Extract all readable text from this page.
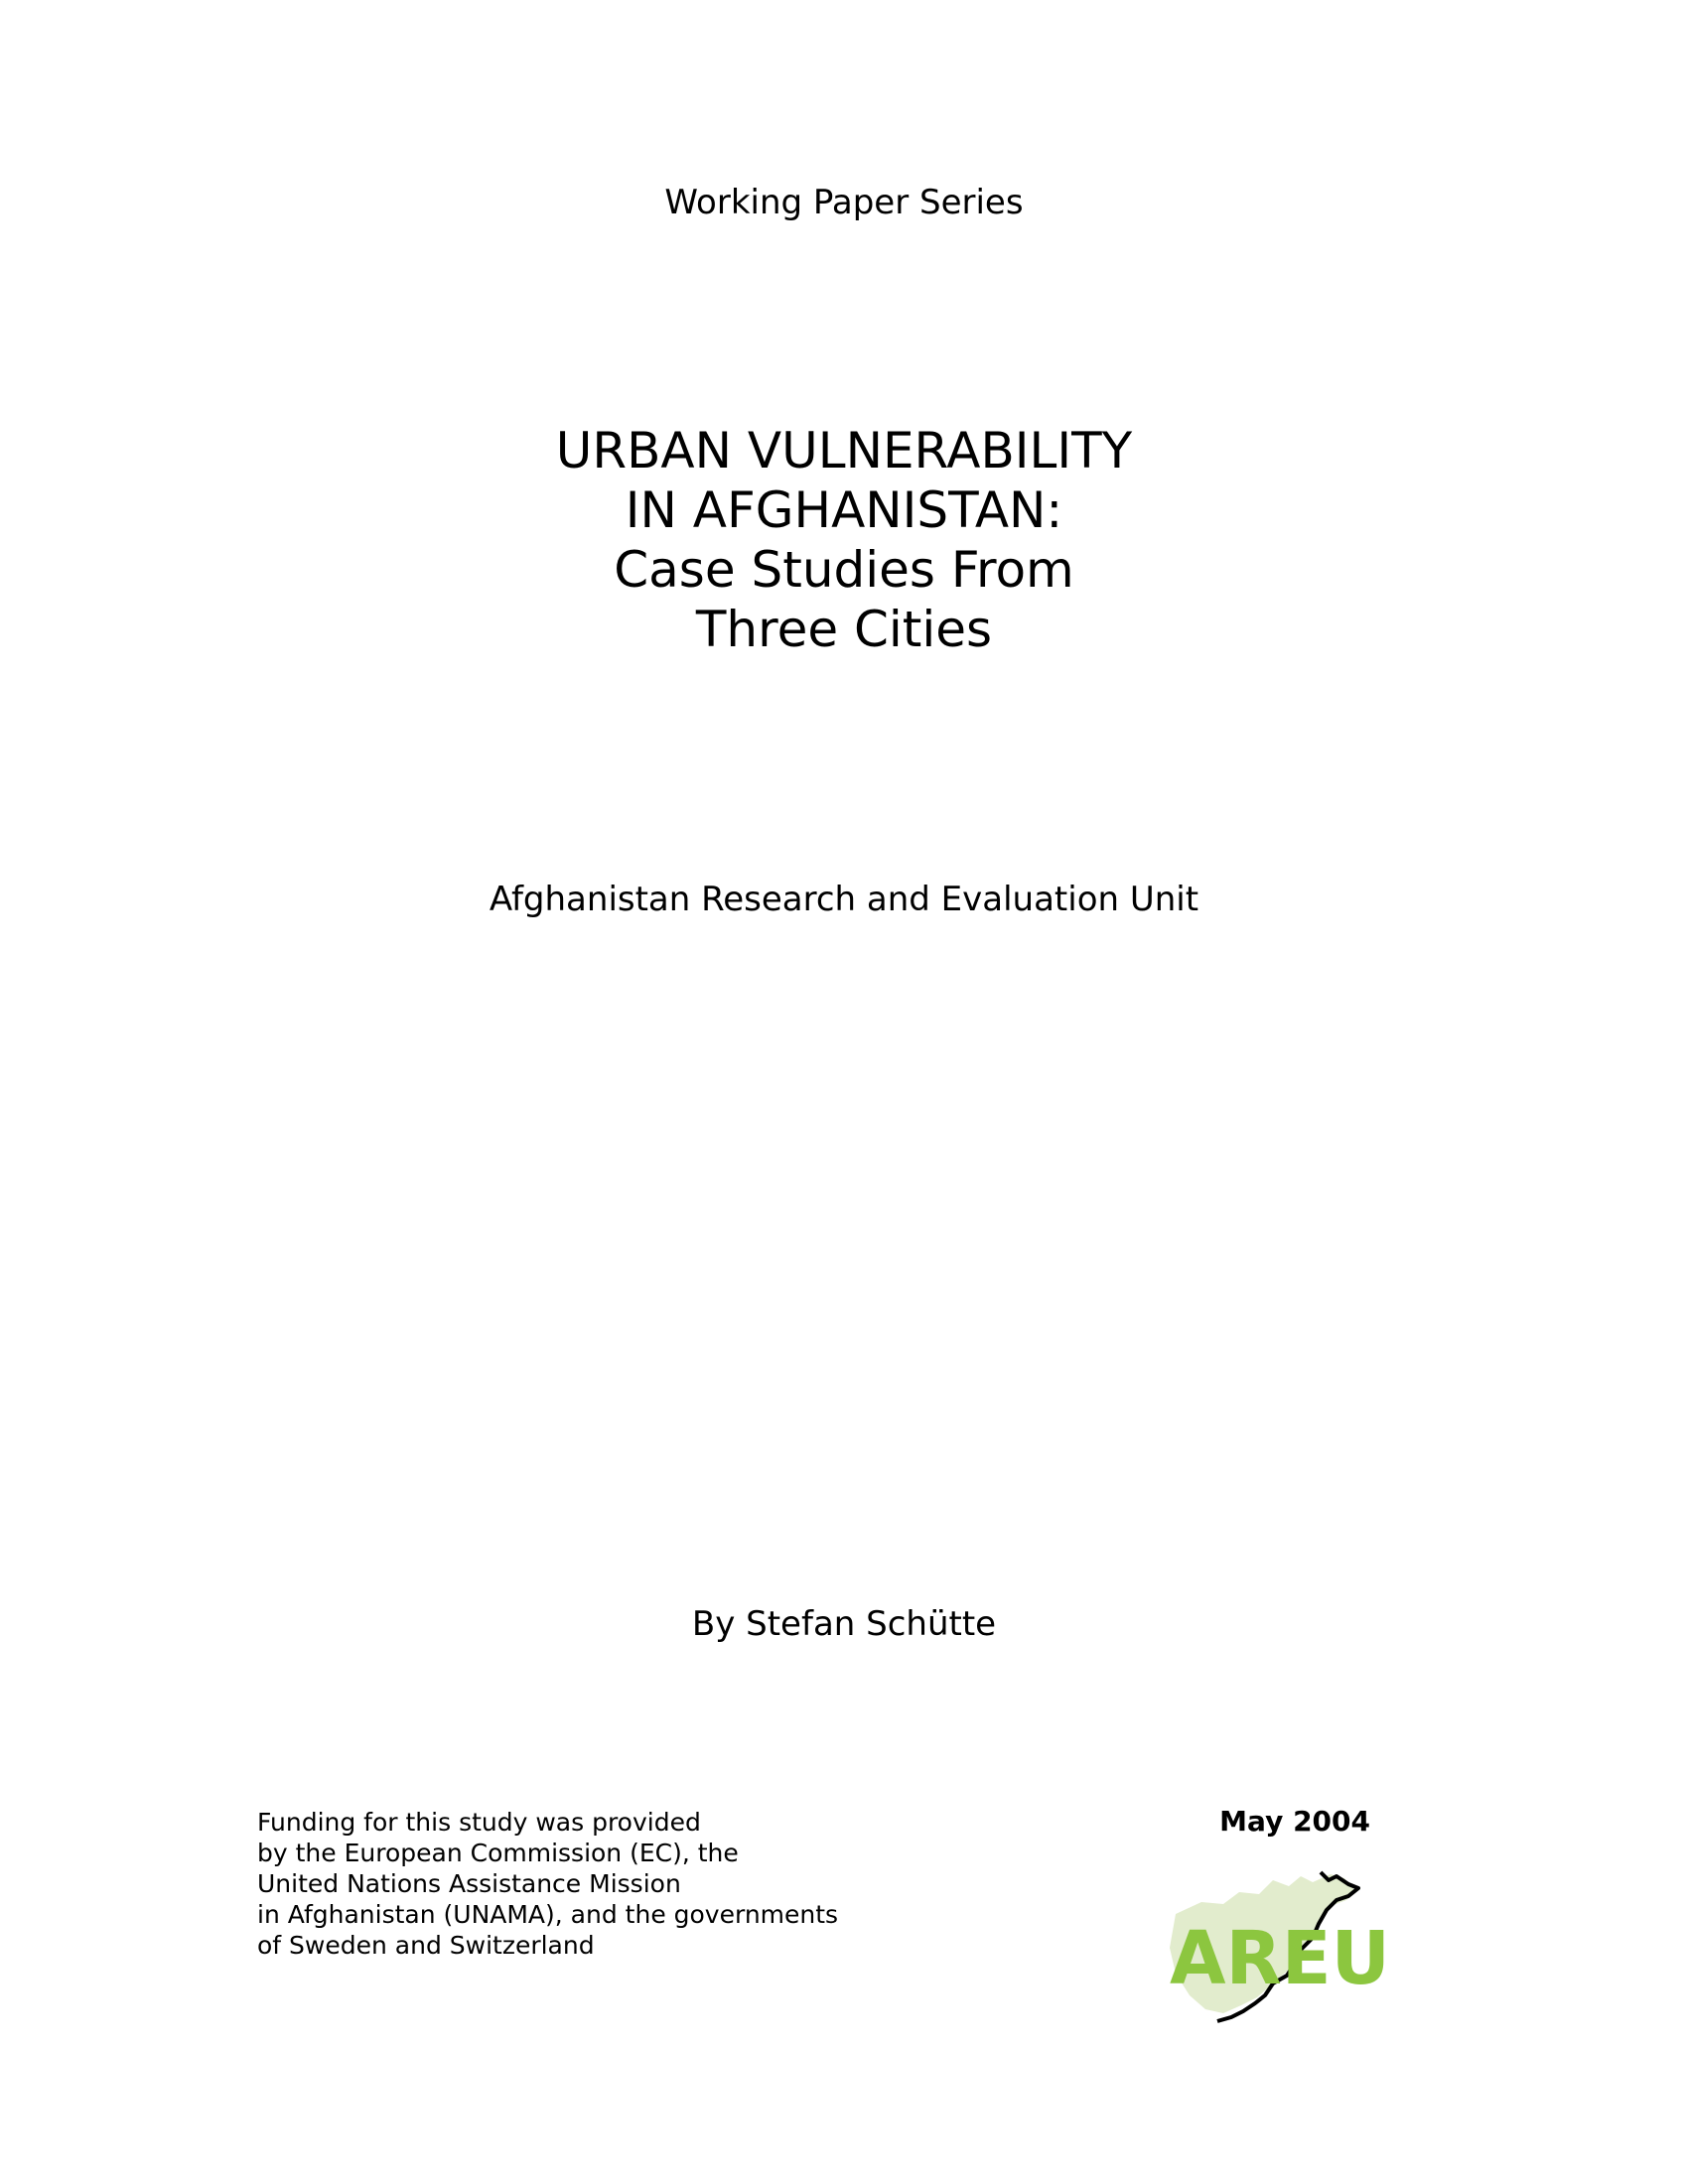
Working Paper Series
URBAN VULNERABILITY
IN AFGHANISTAN:
Case Studies From
Three Cities
Afghanistan Research and Evaluation Unit
By Stefan Schütte
Funding for this study was provided
by the European Commission (EC), the
United Nations Assistance Mission
in Afghanistan (UNAMA), and the governments
of Sweden and Switzerland
May 2004
AREU
